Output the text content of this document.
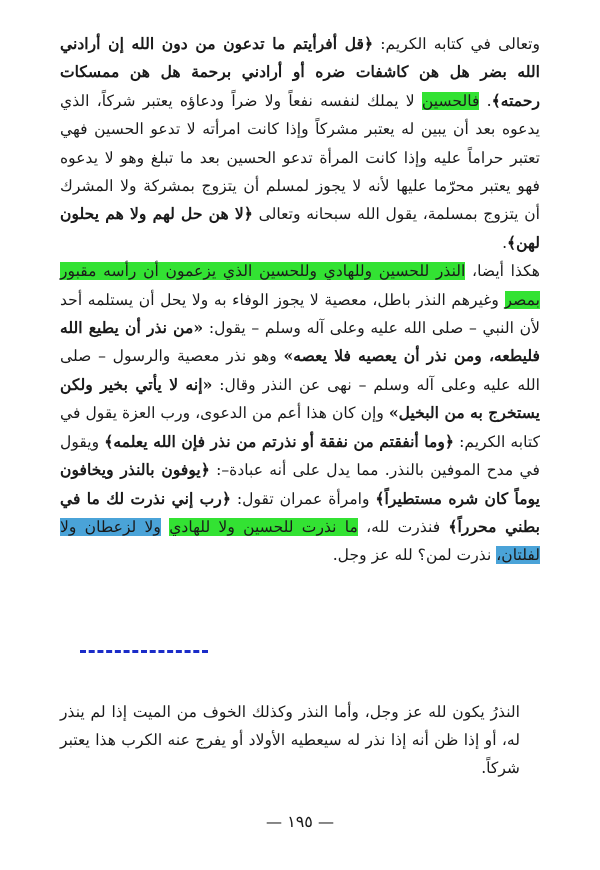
وتعالى في كتابه الكريم: ﴿قل أفرأيتم ما تدعون من دون الله إن أرادني الله بضر هل هن كاشفات ضره أو أرادني برحمة هل هن ممسكات رحمته﴾. فالحسين لا يملك لنفسه نفعاً ولا ضراً ودعاؤه يعتبر شركاً، الذي يدعوه بعد أن يبين له يعتبر مشركاً وإذا كانت امرأته لا تدعو الحسين فهي تعتبر حراماً عليه وإذا كانت المرأة تدعو الحسين بعد ما تبلغ وهو لا يدعوه فهو يعتبر محرّما عليها لأنه لا يجوز لمسلم أن يتزوج بمشركة ولا المشرك أن يتزوج بمسلمة، يقول الله سبحانه وتعالى ﴿لا هن حل لهم ولا هم يحلون لهن﴾.

هكذا أيضا، النذر للحسين وللهادي وللحسين الذي يزعمون أن رأسه مقبور بمصر وغيرهم النذر باطل، معصية لا يجوز الوفاء به ولا يحل أن يستلمه أحد لأن النبي – صلى الله عليه وعلى آله وسلم – يقول: «من نذر أن يطيع الله فليطعه، ومن نذر أن يعصيه فلا يعصه» وهو نذر معصية والرسول – صلى الله عليه وعلى آله وسلم – نهى عن النذر وقال: «إنه لا يأتي بخير ولكن يستخرج به من البخيل» وإن كان هذا أعم من الدعوى، ورب العزة يقول في كتابه الكريم: ﴿وما أنفقتم من نفقة أو نذرتم من نذر فإن الله يعلمه﴾ ويقول في مدح الموفين بالنذر. مما يدل على أنه عبادة–: ﴿يوفون بالنذر ويخافون يوماً كان شره مستطيراً﴾ وامرأة عمران تقول: ﴿رب إني نذرت لك ما في بطني محرراً﴾ فنذرت لله، ما نذرت للحسين ولا للهادي ولا لزعطان ولا لفلتان، نذرت لمن؟ لله عز وجل.

النذرُ يكون لله عز وجل، وأما النذر وكذلك الخوف من الميت إذا لم ينذر له، أو إذا ظن أنه إذا نذر له سيعطيه الأولاد أو يفرج عنه الكرب هذا يعتبر شركاً.

— ١٩٥ —
